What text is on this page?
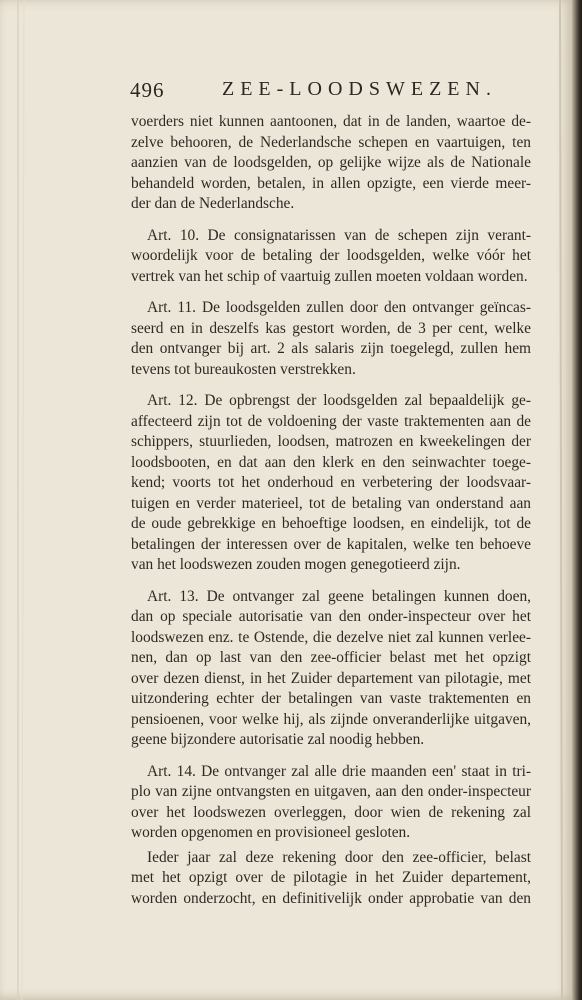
496	ZEE-LOODSWEZEN.

voerders niet kunnen aantoonen, dat in de landen, waartoe de-
zelve behooren, de Nederlandsche schepen en vaartuigen, ten
aanzien van de loodsgelden, op gelijke wijze als de Nationale
behandeld worden, betalen, in allen opzigte, een vierde meer-
der dan de Nederlandsche.

Art. 10. De consignatarissen van de schepen zijn verant-
woordelijk voor de betaling der loodsgelden, welke vóór het
vertrek van het schip of vaartuig zullen moeten voldaan worden.

Art. 11. De loodsgelden zullen door den ontvanger geïncas-
seerd en in deszelfs kas gestort worden, de 3 per cent, welke
den ontvanger bij art. 2 als salaris zijn toegelegd, zullen hem
tevens tot bureaukosten verstrekken.

Art. 12. De opbrengst der loodsgelden zal bepaaldelijk ge-
affecteerd zijn tot de voldoening der vaste traktementen aan de
schippers, stuurlieden, loodsen, matrozen en kweekelingen der
loodsbooten, en dat aan den klerk en den seinwachter toege-
kend; voorts tot het onderhoud en verbetering der loodsvaar-
tuigen en verder materieel, tot de betaling van onderstand aan
de oude gebrekkige en behoeftige loodsen, en eindelijk, tot de
betalingen der interessen over de kapitalen, welke ten behoeve
van het loodswezen zouden mogen genegotieerd zijn.

Art. 13. De ontvanger zal geene betalingen kunnen doen,
dan op speciale autorisatie van den onder-inspecteur over het
loodswezen enz. te Ostende, die dezelve niet zal kunnen verlee-
nen, dan op last van den zee-officier belast met het opzigt
over dezen dienst, in het Zuider departement van pilotagie, met
uitzondering echter der betalingen van vaste traktementen en
pensioenen, voor welke hij, als zijnde onveranderlijke uitgaven,
geene bijzondere autorisatie zal noodig hebben.

Art. 14. De ontvanger zal alle drie maanden een' staat in tri-
plo van zijne ontvangsten en uitgaven, aan den onder-inspecteur
over het loodswezen overleggen, door wien de rekening zal
worden opgenomen en provisioneel gesloten.

Ieder jaar zal deze rekening door den zee-officier, belast
met het opzigt over de pilotagie in het Zuider departement,
worden onderzocht, en definitivelijk onder approbatie van den
